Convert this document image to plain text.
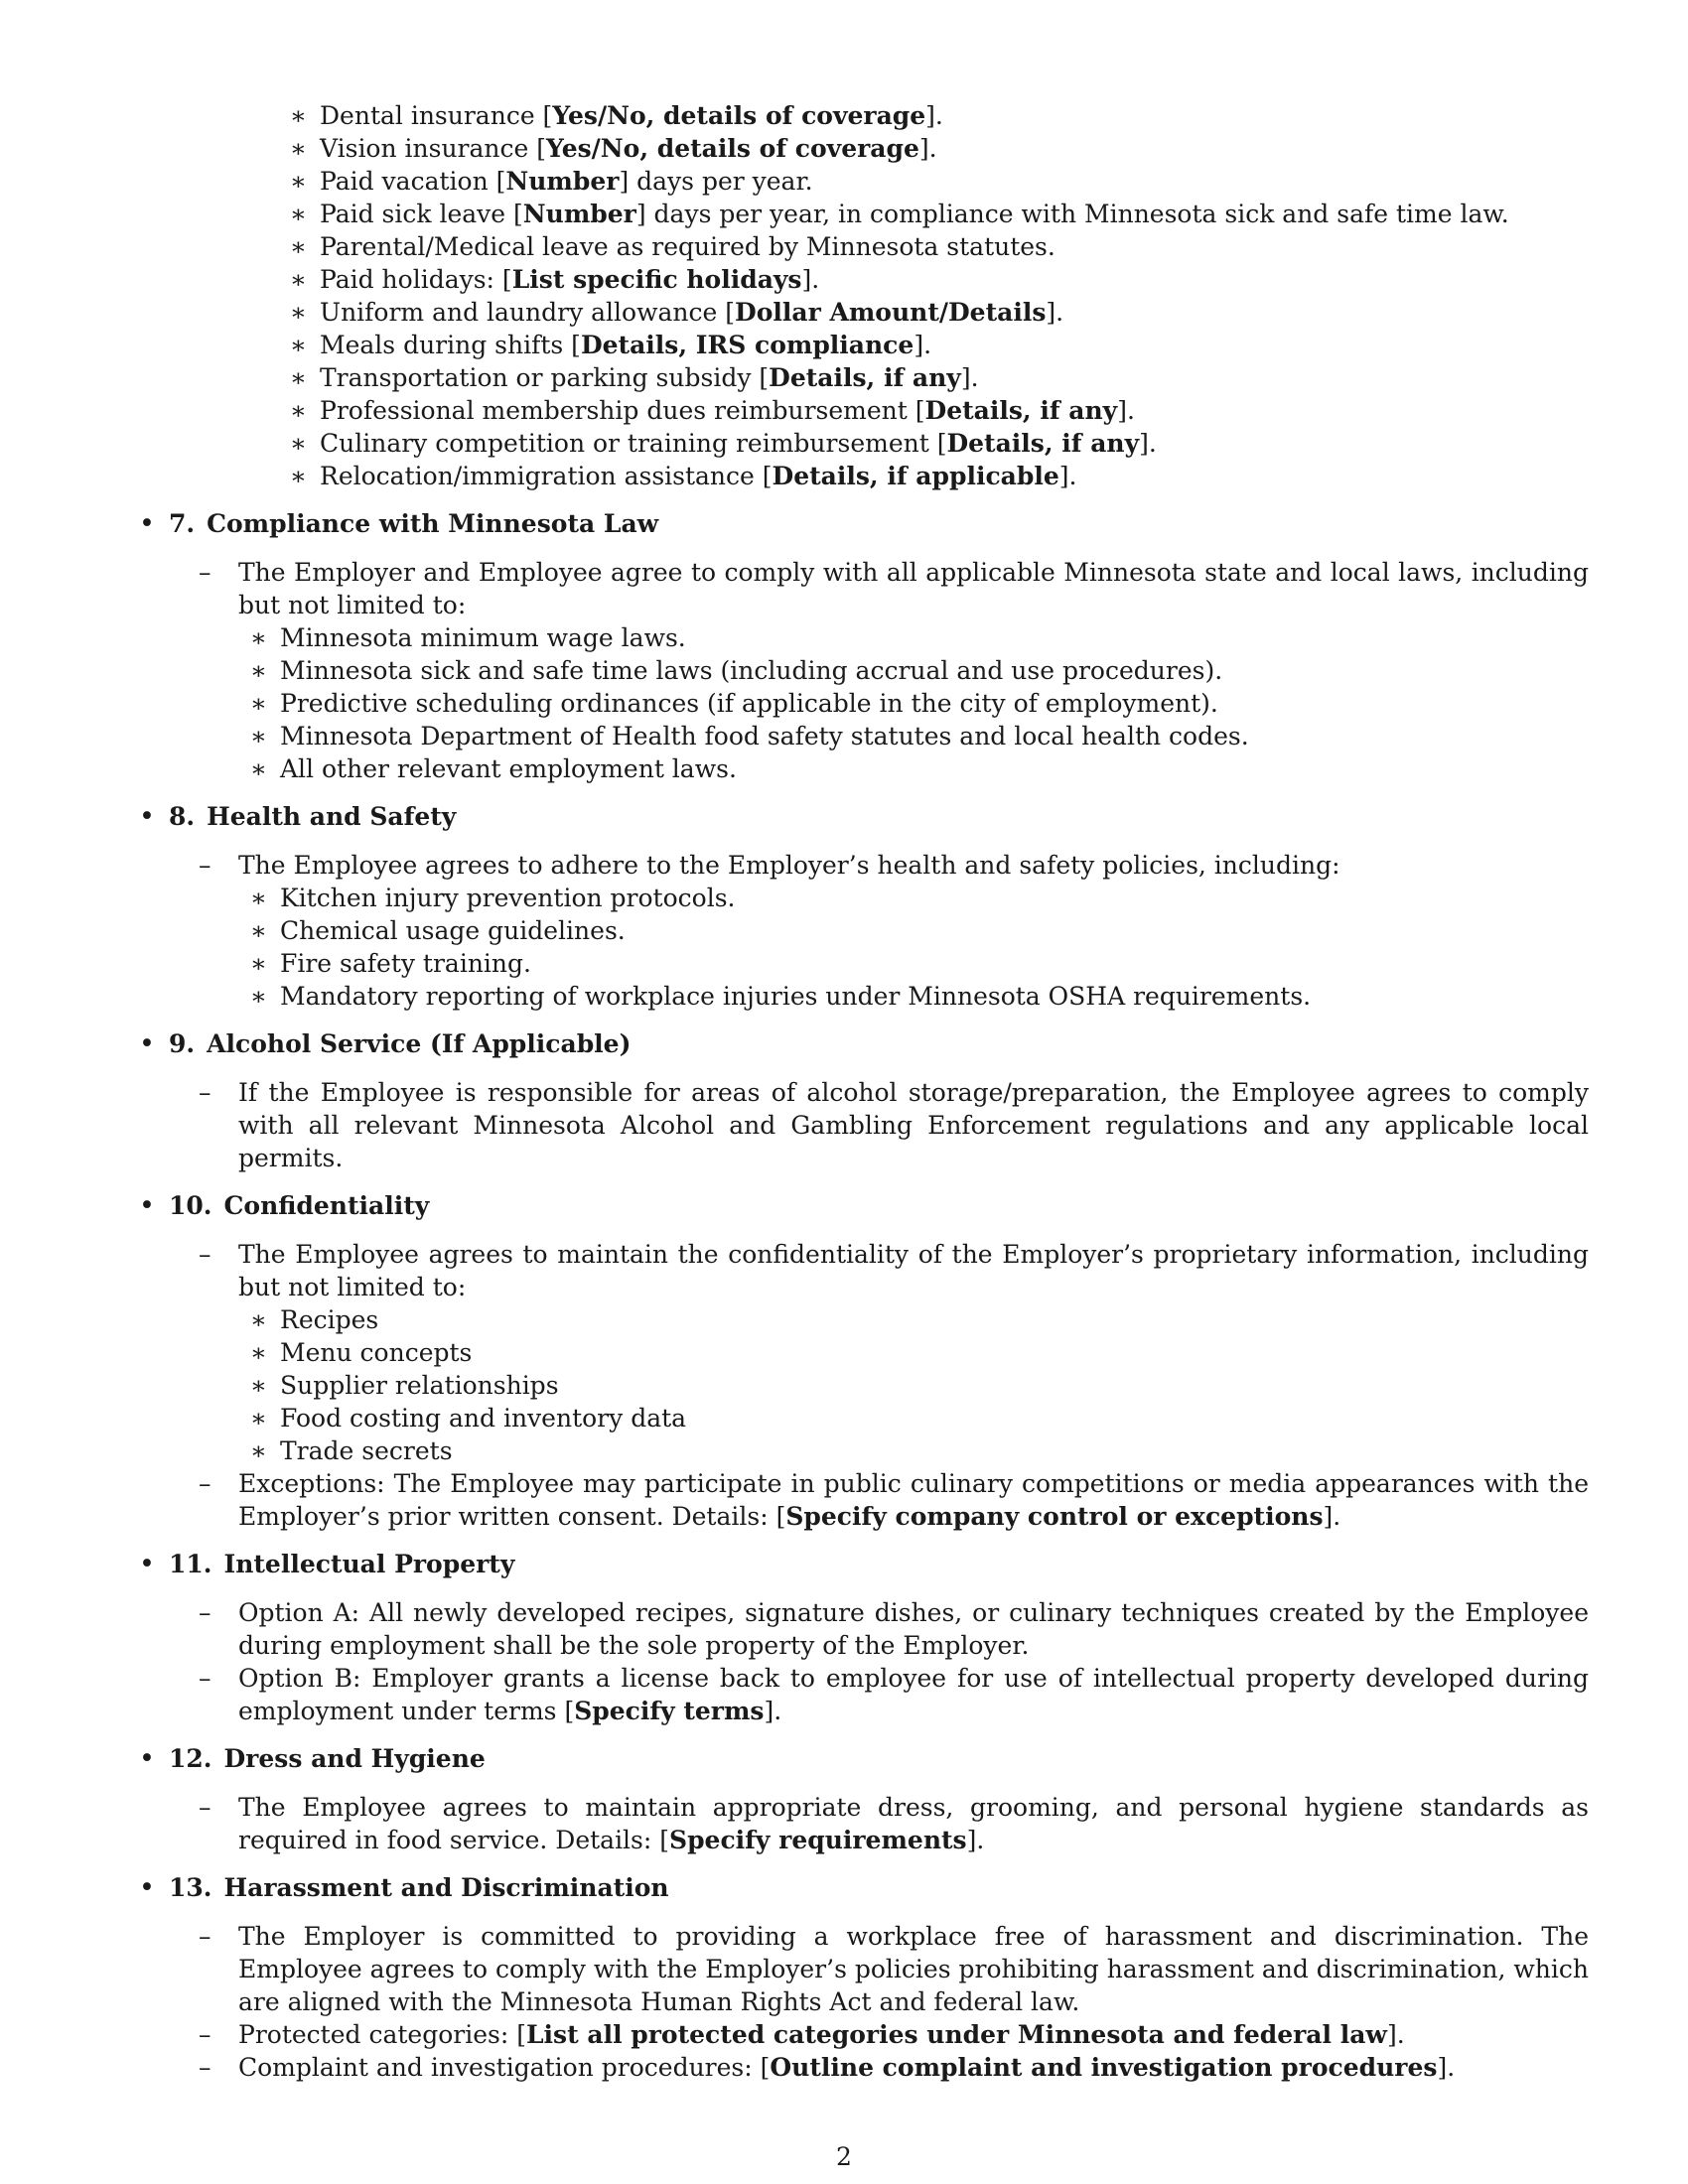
∗ Dental insurance [Yes/No, details of coverage].
∗ Vision insurance [Yes/No, details of coverage].
∗ Paid vacation [Number] days per year.
∗ Paid sick leave [Number] days per year, in compliance with Minnesota sick and safe time law.
∗ Parental/Medical leave as required by Minnesota statutes.
∗ Paid holidays: [List specific holidays].
∗ Uniform and laundry allowance [Dollar Amount/Details].
∗ Meals during shifts [Details, IRS compliance].
∗ Transportation or parking subsidy [Details, if any].
∗ Professional membership dues reimbursement [Details, if any].
∗ Culinary competition or training reimbursement [Details, if any].
∗ Relocation/immigration assistance [Details, if applicable].
• 7. Compliance with Minnesota Law
– The Employer and Employee agree to comply with all applicable Minnesota state and local laws, including but not limited to:
∗ Minnesota minimum wage laws.
∗ Minnesota sick and safe time laws (including accrual and use procedures).
∗ Predictive scheduling ordinances (if applicable in the city of employment).
∗ Minnesota Department of Health food safety statutes and local health codes.
∗ All other relevant employment laws.
• 8. Health and Safety
– The Employee agrees to adhere to the Employer’s health and safety policies, including:
∗ Kitchen injury prevention protocols.
∗ Chemical usage guidelines.
∗ Fire safety training.
∗ Mandatory reporting of workplace injuries under Minnesota OSHA requirements.
• 9. Alcohol Service (If Applicable)
– If the Employee is responsible for areas of alcohol storage/preparation, the Employee agrees to comply with all relevant Minnesota Alcohol and Gambling Enforcement regulations and any applicable local permits.
• 10. Confidentiality
– The Employee agrees to maintain the confidentiality of the Employer’s proprietary information, including but not limited to:
∗ Recipes
∗ Menu concepts
∗ Supplier relationships
∗ Food costing and inventory data
∗ Trade secrets
– Exceptions: The Employee may participate in public culinary competitions or media appearances with the Employer’s prior written consent. Details: [Specify company control or exceptions].
• 11. Intellectual Property
– Option A: All newly developed recipes, signature dishes, or culinary techniques created by the Employee during employment shall be the sole property of the Employer.
– Option B: Employer grants a license back to employee for use of intellectual property developed during employment under terms [Specify terms].
• 12. Dress and Hygiene
– The Employee agrees to maintain appropriate dress, grooming, and personal hygiene standards as required in food service. Details: [Specify requirements].
• 13. Harassment and Discrimination
– The Employer is committed to providing a workplace free of harassment and discrimination. The Employee agrees to comply with the Employer’s policies prohibiting harassment and discrimination, which are aligned with the Minnesota Human Rights Act and federal law.
– Protected categories: [List all protected categories under Minnesota and federal law].
– Complaint and investigation procedures: [Outline complaint and investigation procedures].
2
